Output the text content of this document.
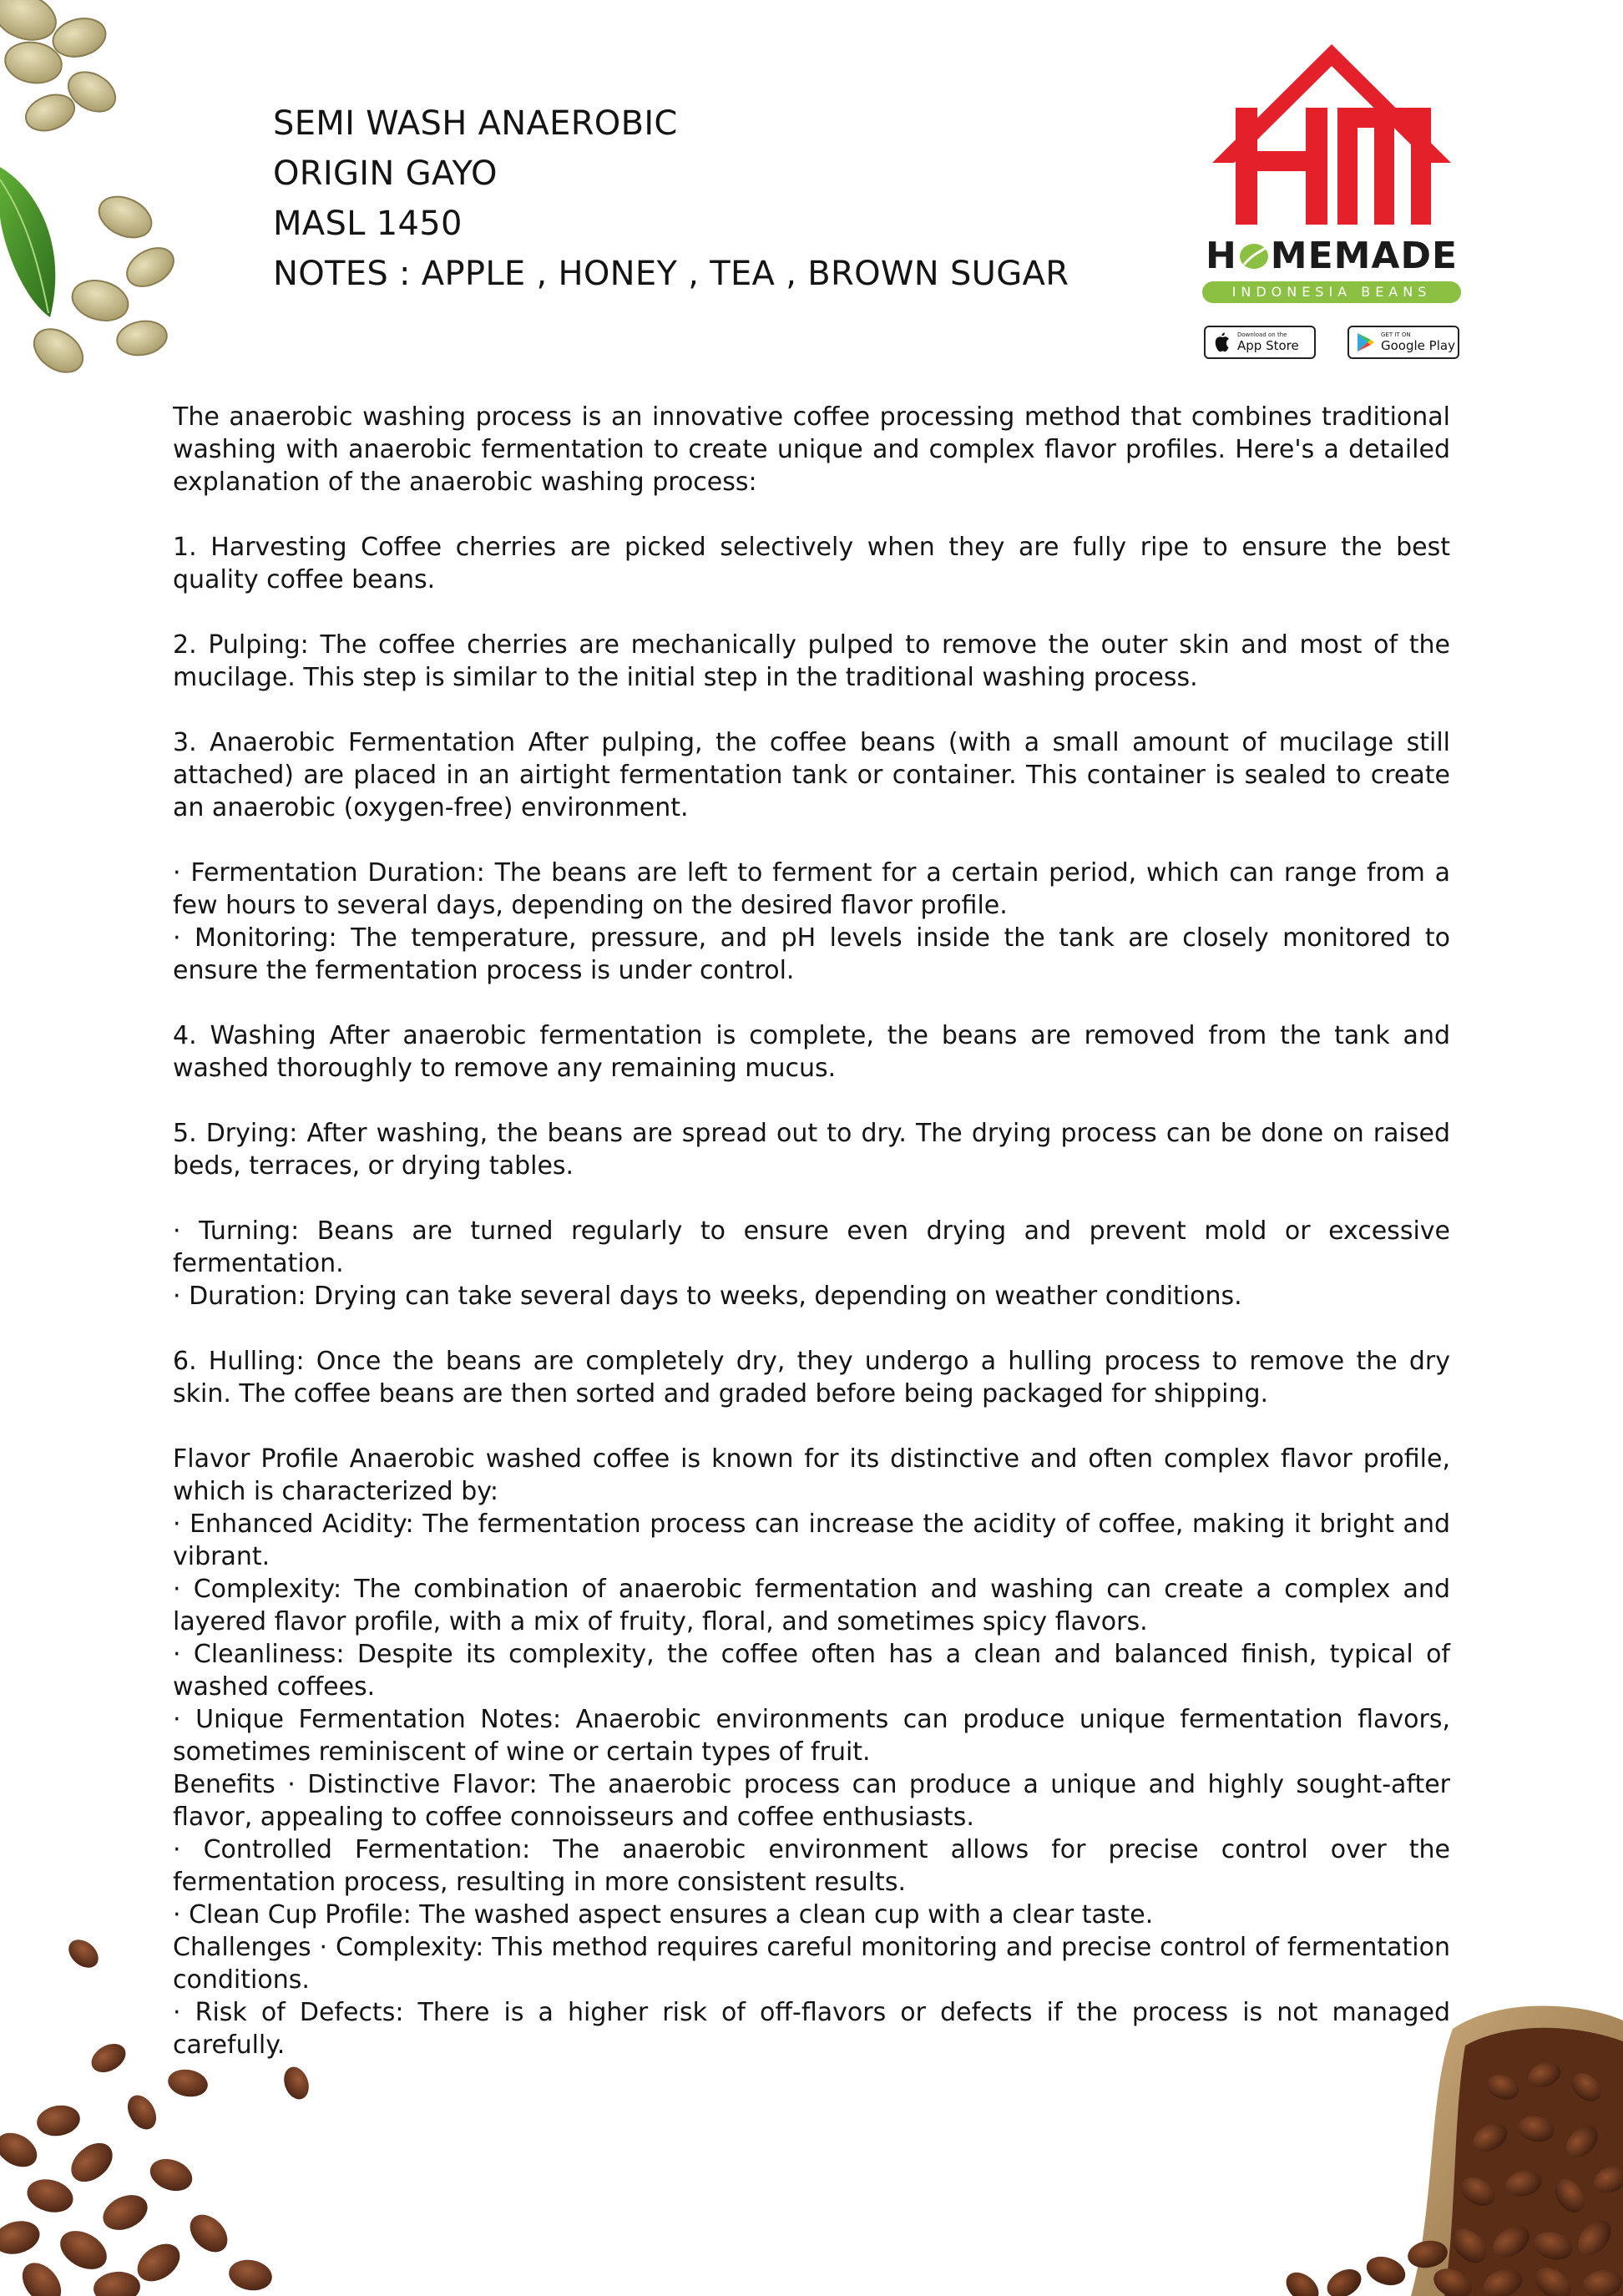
SEMI WASH ANAEROBIC
ORIGIN GAYO
MASL 1450
NOTES : APPLE , HONEY , TEA , BROWN SUGAR	H MEMADE
INDONESIA BEANS
Download on the
App Store
GET IT ON
Google Play

The anaerobic washing process is an innovative coffee processing method that combines traditional washing with anaerobic fermentation to create unique and complex flavor profiles. Here's a detailed explanation of the anaerobic washing process:

1. Harvesting Coffee cherries are picked selectively when they are fully ripe to ensure the best quality coffee beans.

2. Pulping: The coffee cherries are mechanically pulped to remove the outer skin and most of the mucilage. This step is similar to the initial step in the traditional washing process.

3. Anaerobic Fermentation After pulping, the coffee beans (with a small amount of mucilage still attached) are placed in an airtight fermentation tank or container. This container is sealed to create an anaerobic (oxygen-free) environment.

· Fermentation Duration: The beans are left to ferment for a certain period, which can range from a few hours to several days, depending on the desired flavor profile.

· Monitoring: The temperature, pressure, and pH levels inside the tank are closely monitored to ensure the fermentation process is under control.

4. Washing After anaerobic fermentation is complete, the beans are removed from the tank and washed thoroughly to remove any remaining mucus.

5. Drying: After washing, the beans are spread out to dry. The drying process can be done on raised beds, terraces, or drying tables.

· Turning: Beans are turned regularly to ensure even drying and prevent mold or excessive fermentation.

· Duration: Drying can take several days to weeks, depending on weather conditions.

6. Hulling: Once the beans are completely dry, they undergo a hulling process to remove the dry skin. The coffee beans are then sorted and graded before being packaged for shipping.

Flavor Profile Anaerobic washed coffee is known for its distinctive and often complex flavor profile, which is characterized by:

· Enhanced Acidity: The fermentation process can increase the acidity of coffee, making it bright and vibrant.

· Complexity: The combination of anaerobic fermentation and washing can create a complex and layered flavor profile, with a mix of fruity, floral, and sometimes spicy flavors.

· Cleanliness: Despite its complexity, the coffee often has a clean and balanced finish, typical of washed coffees.

· Unique Fermentation Notes: Anaerobic environments can produce unique fermentation flavors, sometimes reminiscent of wine or certain types of fruit.

Benefits · Distinctive Flavor: The anaerobic process can produce a unique and highly sought-after flavor, appealing to coffee connoisseurs and coffee enthusiasts.

· Controlled Fermentation: The anaerobic environment allows for precise control over the fermentation process, resulting in more consistent results.

· Clean Cup Profile: The washed aspect ensures a clean cup with a clear taste.

Challenges · Complexity: This method requires careful monitoring and precise control of fermentation conditions.

· Risk of Defects: There is a higher risk of off-flavors or defects if the process is not managed carefully.
